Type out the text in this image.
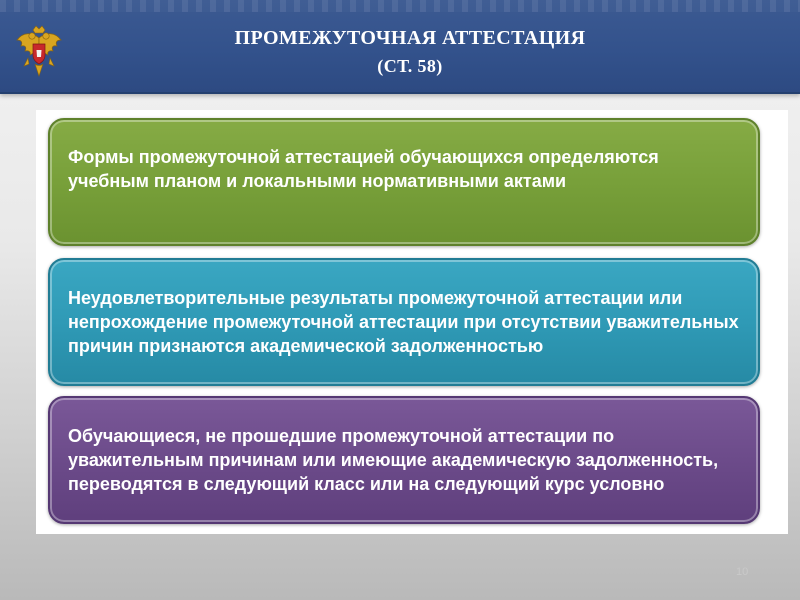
ПРОМЕЖУТОЧНАЯ АТТЕСТАЦИЯ
(СТ. 58)
Формы промежуточной аттестацией обучающихся определяются учебным планом и локальными нормативными актами
Неудовлетворительные результаты промежуточной аттестации или непрохождение промежуточной аттестации при отсутствии уважительных причин признаются академической задолженностью
Обучающиеся, не прошедшие промежуточной аттестации по уважительным причинам или имеющие академическую задолженность, переводятся в следующий класс или на следующий курс условно
10
